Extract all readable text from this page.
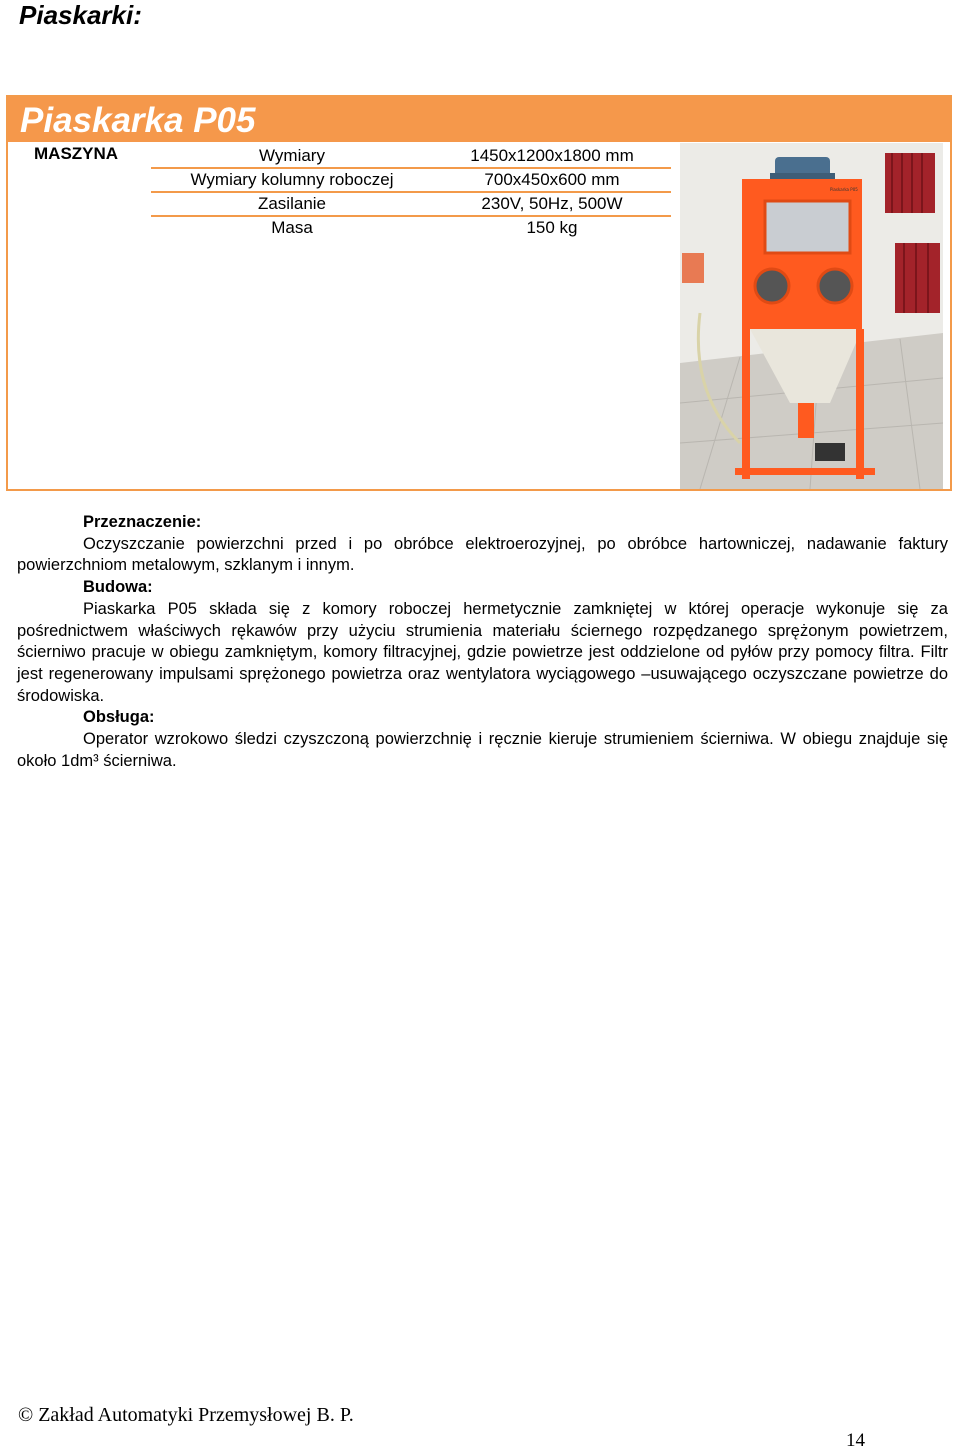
Piaskarki:
Piaskarka P05
MASZYNA	Wymiary	1450x1200x1800 mm
Wymiary kolumny roboczej	700x450x600 mm
Zasilanie	230V, 50Hz, 500W
Masa	150 kg
Piaskarka P05

Przeznaczenie:

Oczyszczanie powierzchni przed i po obróbce elektroerozyjnej, po obróbce hartowniczej, nadawanie faktury powierzchniom metalowym, szklanym i innym.

Budowa:

Piaskarka P05 składa się z komory roboczej hermetycznie zamkniętej w której operacje wykonuje się za pośrednictwem właściwych rękawów przy użyciu strumienia materiału ściernego rozpędzanego sprężonym powietrzem, ścierniwo pracuje w obiegu zamkniętym, komory filtracyjnej, gdzie powietrze jest oddzielone od pyłów przy pomocy filtra. Filtr jest regenerowany impulsami sprężonego powietrza oraz wentylatora wyciągowego –usuwającego oczyszczane powietrze do środowiska.

Obsługa:

Operator wzrokowo śledzi czyszczoną powierzchnię i ręcznie kieruje strumieniem ścierniwa. W obiegu znajduje się około 1dm³ ścierniwa.

© Zakład Automatyki Przemysłowej B. P.
14
